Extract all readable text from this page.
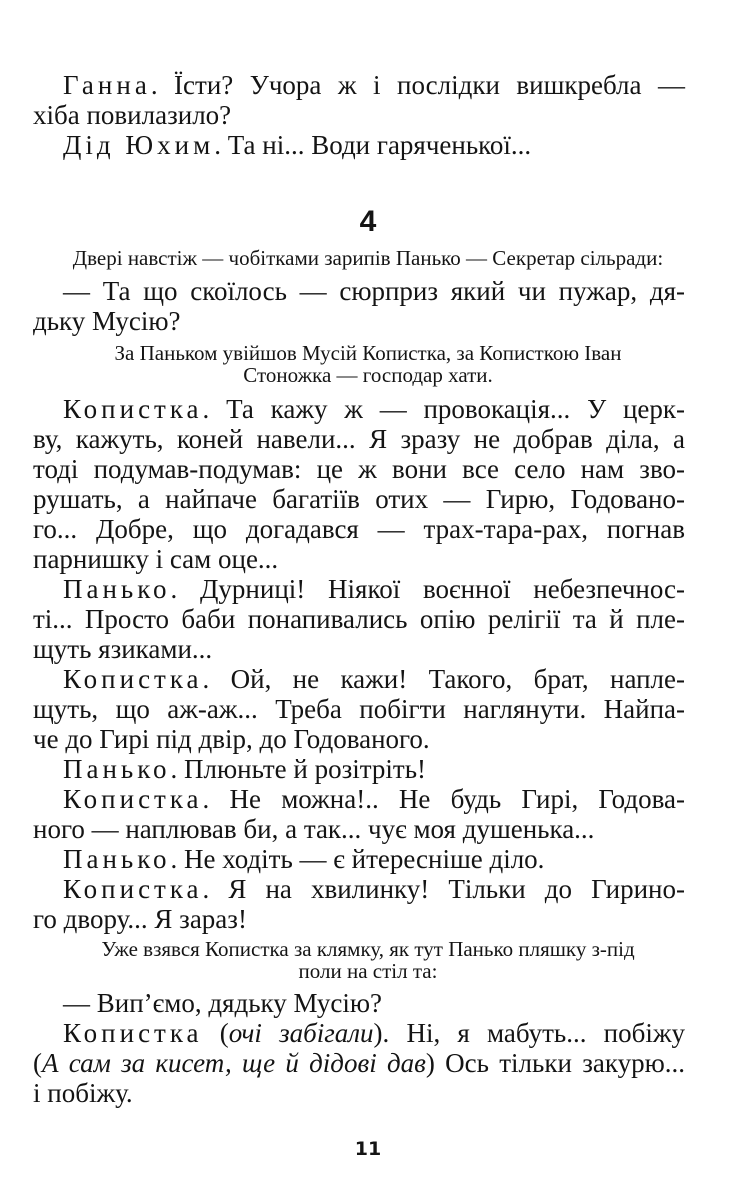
Ганна. Їсти? Учора ж і послідки вишкребла —

хіба повилазило?

Дід Юхим. Та ні... Води гаряченької...

4

Двері навстіж — чобітками зарипів Панько — Секретар сільради:

— Та що скоїлось — сюрприз який чи пужар, дя-

дьку Мусію?

За Паньком увійшов Мусій Копистка, за Кописткою Іван

Стоножка — господар хати.

Копистка. Та кажу ж — провокація... У церк-

ву, кажуть, коней навели... Я зразу не добрав діла, а

тоді подумав-подумав: це ж вони все село нам зво-

рушать, а найпаче багатіїв отих — Гирю, Годовано-

го... Добре, що догадався — трах-тара-рах, погнав

парнишку і сам оце...

Панько. Дурниці! Ніякої воєнної небезпечнос-

ті... Просто баби понапивались опію релігії та й пле-

щуть язиками...

Копистка. Ой, не кажи! Такого, брат, напле-

щуть, що аж-аж... Треба побігти наглянути. Найпа-

че до Гирі під двір, до Годованого.

Панько. Плюньте й розітріть!

Копистка. Не можна!.. Не будь Гирі, Годова-

ного — наплював би, а так... чує моя душенька...

Панько. Не ходіть — є йтересніше діло.

Копистка. Я на хвилинку! Тільки до Гирино-

го двору... Я зараз!

Уже взявся Копистка за клямку, як тут Панько пляшку з-під

поли на стіл та:

— Вип’ємо, дядьку Мусію?

Копистка (очі забігали). Ні, я мабуть... побіжу

(А сам за кисет, ще й дідові дав) Ось тільки закурю...

і побіжу.

11
